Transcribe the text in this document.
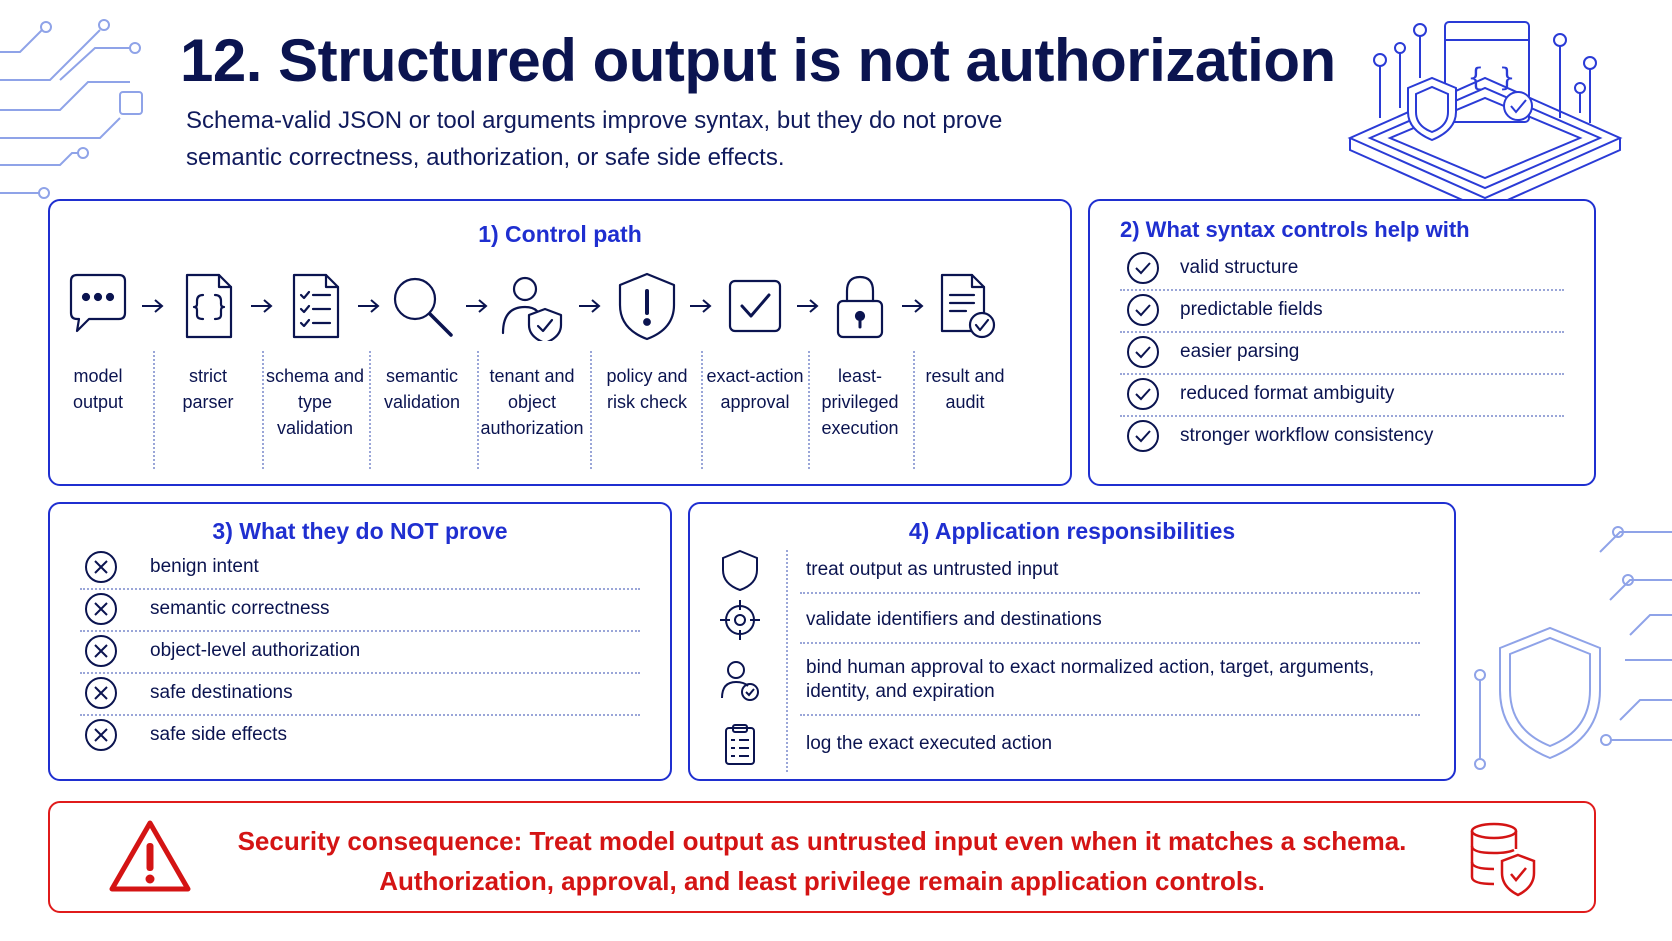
{ }
12. Structured output is not authorization
Schema-valid JSON or tool arguments improve syntax, but they do not prove
semantic correctness, authorization, or safe side effects.
1) Control path
model
output
strict
parser
schema and
type
validation
semantic
validation
tenant and
object
authorization
policy and
risk check
exact-action
approval
least-
privileged
execution
result and
audit
2) What syntax controls help with
valid structure
predictable fields
easier parsing
reduced format ambiguity
stronger workflow consistency
3) What they do NOT prove
benign intent
semantic correctness
object-level authorization
safe destinations
safe side effects
4) Application responsibilities
treat output as untrusted input
validate identifiers and destinations
bind human approval to exact normalized action, target, arguments,
identity, and expiration
log the exact executed action
Security consequence: Treat model output as untrusted input even when it matches a schema.
Authorization, approval, and least privilege remain application controls.
